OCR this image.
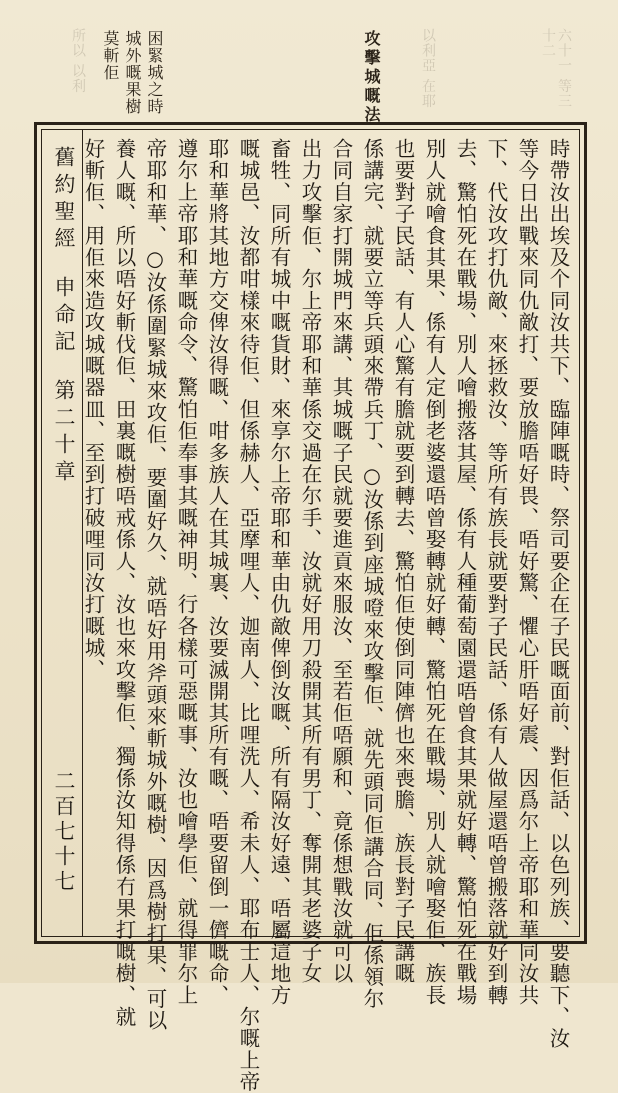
六十一 等三十二
以利亞 在耶
攻擊城嘅法
困緊城之時
城外嘅果樹
莫斬佢
所以 以利
舊約聖經申命記第二十章
二百七十七	時帶汝出埃及个同汝共下、臨陣嘅時、祭司要企在子民嘅面前、對佢話、以色列族、要聽下、汝
等今日出戰來同仇敵打、要放膽唔好畏、唔好驚、懼心肝唔好震、因爲尔上帝耶和華同汝共
下、代汝攻打仇敵、來拯救汝、等所有族長就要對子民話、係有人做屋還唔曾搬落就好到轉
去、驚怕死在戰場、別人噲搬落其屋、係有人種葡萄園還唔曾食其果就好轉、驚怕死在戰場
別人就噲食其果、係有人定倒老婆還唔曾娶轉就好轉、驚怕死在戰場、別人就噲娶佢、族長
也要對子民話、有人心驚有膽就要到轉去、驚怕佢使倒同陣儕也來喪膽、族長對子民講嘅
係講完、就要立等兵頭來帶兵丁、○汝係到座城噔來攻擊佢、就先頭同佢講合同、佢係領尔
合同自家打開城門來講、其城嘅子民就要進貢來服汝、至若佢唔願和、竟係想戰汝就可以
出力攻擊佢、尔上帝耶和華係交過在尔手、汝就好用刀殺開其所有男丁、奪開其老婆子女
畜牲、同所有城中嘅貨財、來享尔上帝耶和華由仇敵俾倒汝嘅、所有隔汝好遠、唔屬這地方
嘅城邑、汝都咁樣來待佢、但係赫人、亞摩哩人、迦南人、比哩洗人、希未人、耶布士人、尔嘅上帝
耶和華將其地方交俾汝得嘅、咁多族人在其城裏、汝要滅開其所有嘅、唔要留倒一儕嘅命、
遵尔上帝耶和華嘅命令、驚怕佢奉事其嘅神明、行各樣可惡嘅事、汝也噲學佢、就得罪尔上
帝耶和華、○汝係圍緊城來攻佢、要圍好久、就唔好用斧頭來斬城外嘅樹、因爲樹打果、可以
養人嘅、所以唔好斬伐佢、田裏嘅樹唔戒係人、汝也來攻擊佢、獨係汝知得係冇果打嘅樹、就
好斬佢、用佢來造攻城嘅器皿、至到打破哩同汝打嘅城、
